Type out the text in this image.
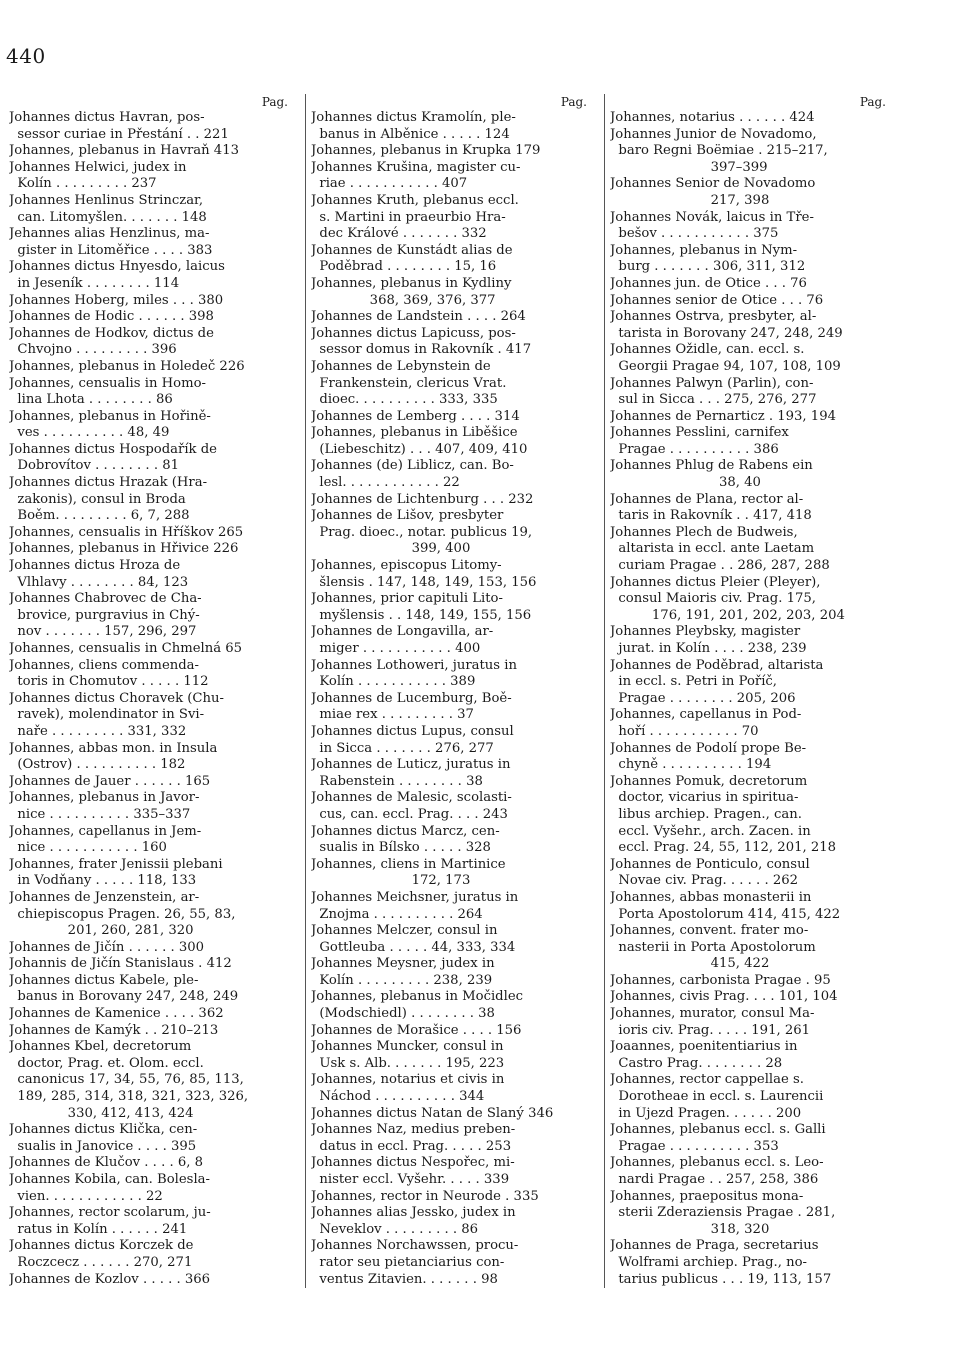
440
Pag.
Johannes dictus Havran, pos-
sessor curiae in Přestání . . 221
Johannes, plebanus in Havraň 413
Johannes Helwici, judex in
Kolín . . . . . . . . . 237
Johannes Henlinus Strinczar,
can. Litomyšlen. . . . . . . 148
Jehannes alias Henzlinus, ma-
gister in Litoměřice . . . . 383
Johannes dictus Hnyesdo, laicus
in Jeseník . . . . . . . . 114
Johannes Hoberg, miles . . . 380
Johannes de Hodic . . . . . . 398
Johannes de Hodkov, dictus de
Chvojno . . . . . . . . . 396
Johannes, plebanus in Holedeč 226
Johannes, censualis in Homo-
lina Lhota . . . . . . . . 86
Johannes, plebanus in Hořině-
ves . . . . . . . . . . 48, 49
Johannes dictus Hospodařík de
Dobrovítov . . . . . . . . 81
Johannes dictus Hrazak (Hra-
zakonis), consul in Broda
Boěm. . . . . . . . . 6, 7, 288
Johannes, censualis in Hříškov 265
Johannes, plebanus in Hřivice 226
Johannes dictus Hroza de
Vlhlavy . . . . . . . . 84, 123
Johannes Chabrovec de Cha-
brovice, purgravius in Chý-
nov . . . . . . . 157, 296, 297
Johannes, censualis in Chmelná 65
Johannes, cliens commenda-
toris in Chomutov . . . . . 112
Johannes dictus Choravek (Chu-
ravek), molendinator in Svi-
naře . . . . . . . . . 331, 332
Johannes, abbas mon. in Insula
(Ostrov) . . . . . . . . . . 182
Johannes de Jauer . . . . . . 165
Johannes, plebanus in Javor-
nice . . . . . . . . . . 335–337
Johannes, capellanus in Jem-
nice . . . . . . . . . . . 160
Johannes, frater Jenissii plebani
in Vodňany . . . . . 118, 133
Johannes de Jenzenstein, ar-
chiepiscopus Pragen. 26, 55, 83,
201, 260, 281, 320
Johannes de Jičín . . . . . . 300
Johannis de Jičín Stanislaus . 412
Johannes dictus Kabele, ple-
banus in Borovany 247, 248, 249
Johannes de Kamenice . . . . 362
Johannes de Kamýk . . 210–213
Johannes Kbel, decretorum
doctor, Prag. et. Olom. eccl.
canonicus 17, 34, 55, 76, 85, 113,
189, 285, 314, 318, 321, 323, 326,
330, 412, 413, 424
Johannes dictus Klička, cen-
sualis in Janovice . . . . 395
Johannes de Klučov . . . . 6, 8
Johannes Kobila, can. Bolesla-
vien. . . . . . . . . . . . 22
Johannes, rector scolarum, ju-
ratus in Kolín . . . . . . 241
Johannes dictus Korczek de
Roczcecz . . . . . . 270, 271
Johannes de Kozlov . . . . . 366
Pag.
Johannes dictus Kramolín, ple-
banus in Alběnice . . . . . 124
Johannes, plebanus in Krupka 179
Johannes Krušina, magister cu-
riae . . . . . . . . . . . 407
Johannes Kruth, plebanus eccl.
s. Martini in praeurbio Hra-
dec Králové . . . . . . . 332
Johannes de Kunstádt alias de
Poděbrad . . . . . . . . 15, 16
Johannes, plebanus in Kydliny
368, 369, 376, 377
Johannes de Landstein . . . . 264
Johannes dictus Lapicuss, pos-
sessor domus in Rakovník . 417
Johannes de Lebynstein de
Frankenstein, clericus Vrat.
dioec. . . . . . . . . . 333, 335
Johannes de Lemberg . . . . 314
Johannes, plebanus in Liběšice
(Liebeschitz) . . . 407, 409, 410
Johannes (de) Liblicz, can. Bo-
lesl. . . . . . . . . . . . 22
Johannes de Lichtenburg . . . 232
Johannes de Lišov, presbyter
Prag. dioec., notar. publicus 19,
399, 400
Johannes, episcopus Litomy-
šlensis . 147, 148, 149, 153, 156
Johannes, prior capituli Lito-
myšlensis . . 148, 149, 155, 156
Johannes de Longavilla, ar-
miger . . . . . . . . . . . 400
Johannes Lothoweri, juratus in
Kolín . . . . . . . . . . . 389
Johannes de Lucemburg, Boě-
miae rex . . . . . . . . . 37
Johannes dictus Lupus, consul
in Sicca . . . . . . . 276, 277
Johannes de Luticz, juratus in
Rabenstein . . . . . . . . 38
Johannes de Malesic, scolasti-
cus, can. eccl. Prag. . . . 243
Johannes dictus Marcz, cen-
sualis in Bílsko . . . . . 328
Johannes, cliens in Martinice
172, 173
Johannes Meichsner, juratus in
Znojma . . . . . . . . . . 264
Johannes Melczer, consul in
Gottleuba . . . . . 44, 333, 334
Johannes Meysner, judex in
Kolín . . . . . . . . . 238, 239
Johannes, plebanus in Močidlec
(Modschiedl) . . . . . . . . 38
Johannes de Morašice . . . . 156
Johannes Muncker, consul in
Usk s. Alb. . . . . . . 195, 223
Johannes, notarius et civis in
Náchod . . . . . . . . . . 344
Johannes dictus Natan de Slaný 346
Johannes Naz, medius preben-
datus in eccl. Prag. . . . . 253
Johannes dictus Nespořec, mi-
nister eccl. Vyšehr. . . . . 339
Johannes, rector in Neurode . 335
Johannes alias Jessko, judex in
Neveklov . . . . . . . . . 86
Johannes Norchawssen, procu-
rator seu pietanciarius con-
ventus Zitavien. . . . . . . 98
Pag.
Johannes, notarius . . . . . . 424
Johannes Junior de Novadomo,
baro Regni Boëmiae . 215–217,
397–399
Johannes Senior de Novadomo
217, 398
Johannes Novák, laicus in Tře-
bešov . . . . . . . . . . . 375
Johannes, plebanus in Nym-
burg . . . . . . . 306, 311, 312
Johannes jun. de Otice . . . 76
Johannes senior de Otice . . . 76
Johannes Ostrva, presbyter, al-
tarista in Borovany 247, 248, 249
Johannes Ožidle, can. eccl. s.
Georgii Pragae 94, 107, 108, 109
Johannes Palwyn (Parlin), con-
sul in Sicca . . . 275, 276, 277
Johannes de Pernarticz . 193, 194
Johannes Pesslini, carnifex
Pragae . . . . . . . . . . 386
Johannes Phlug de Rabens ein
38, 40
Johannes de Plana, rector al-
taris in Rakovník . . 417, 418
Johannes Plech de Budweis,
altarista in eccl. ante Laetam
curiam Pragae . . 286, 287, 288
Johannes dictus Pleier (Pleyer),
consul Maioris civ. Prag. 175,
176, 191, 201, 202, 203, 204
Johannes Pleybsky, magister
jurat. in Kolín . . . . 238, 239
Johannes de Poděbrad, altarista
in eccl. s. Petri in Poříč,
Pragae . . . . . . . . 205, 206
Johannes, capellanus in Pod-
hoří . . . . . . . . . . . 70
Johannes de Podolí prope Be-
chyně . . . . . . . . . . 194
Johannes Pomuk, decretorum
doctor, vicarius in spiritua-
libus archiep. Pragen., can.
eccl. Vyšehr., arch. Zacen. in
eccl. Prag. 24, 55, 112, 201, 218
Johannes de Ponticulo, consul
Novae civ. Prag. . . . . . 262
Johannes, abbas monasterii in
Porta Apostolorum 414, 415, 422
Johannes, convent. frater mo-
nasterii in Porta Apostolorum
415, 422
Johannes, carbonista Pragae . 95
Johannes, civis Prag. . . . 101, 104
Johannes, murator, consul Ma-
ioris civ. Prag. . . . . 191, 261
Joaannes, poenitentiarius in
Castro Prag. . . . . . . . 28
Johannes, rector cappellae s.
Dorotheae in eccl. s. Laurencii
in Újezd Pragen. . . . . . 200
Johannes, plebanus eccl. s. Galli
Pragae . . . . . . . . . . 353
Johannes, plebanus eccl. s. Leo-
nardi Pragae . . 257, 258, 386
Johannes, praepositus mona-
sterii Zderaziensis Pragae . 281,
318, 320
Johannes de Praga, secretarius
Wolframi archiep. Prag., no-
tarius publicus . . . 19, 113, 157
